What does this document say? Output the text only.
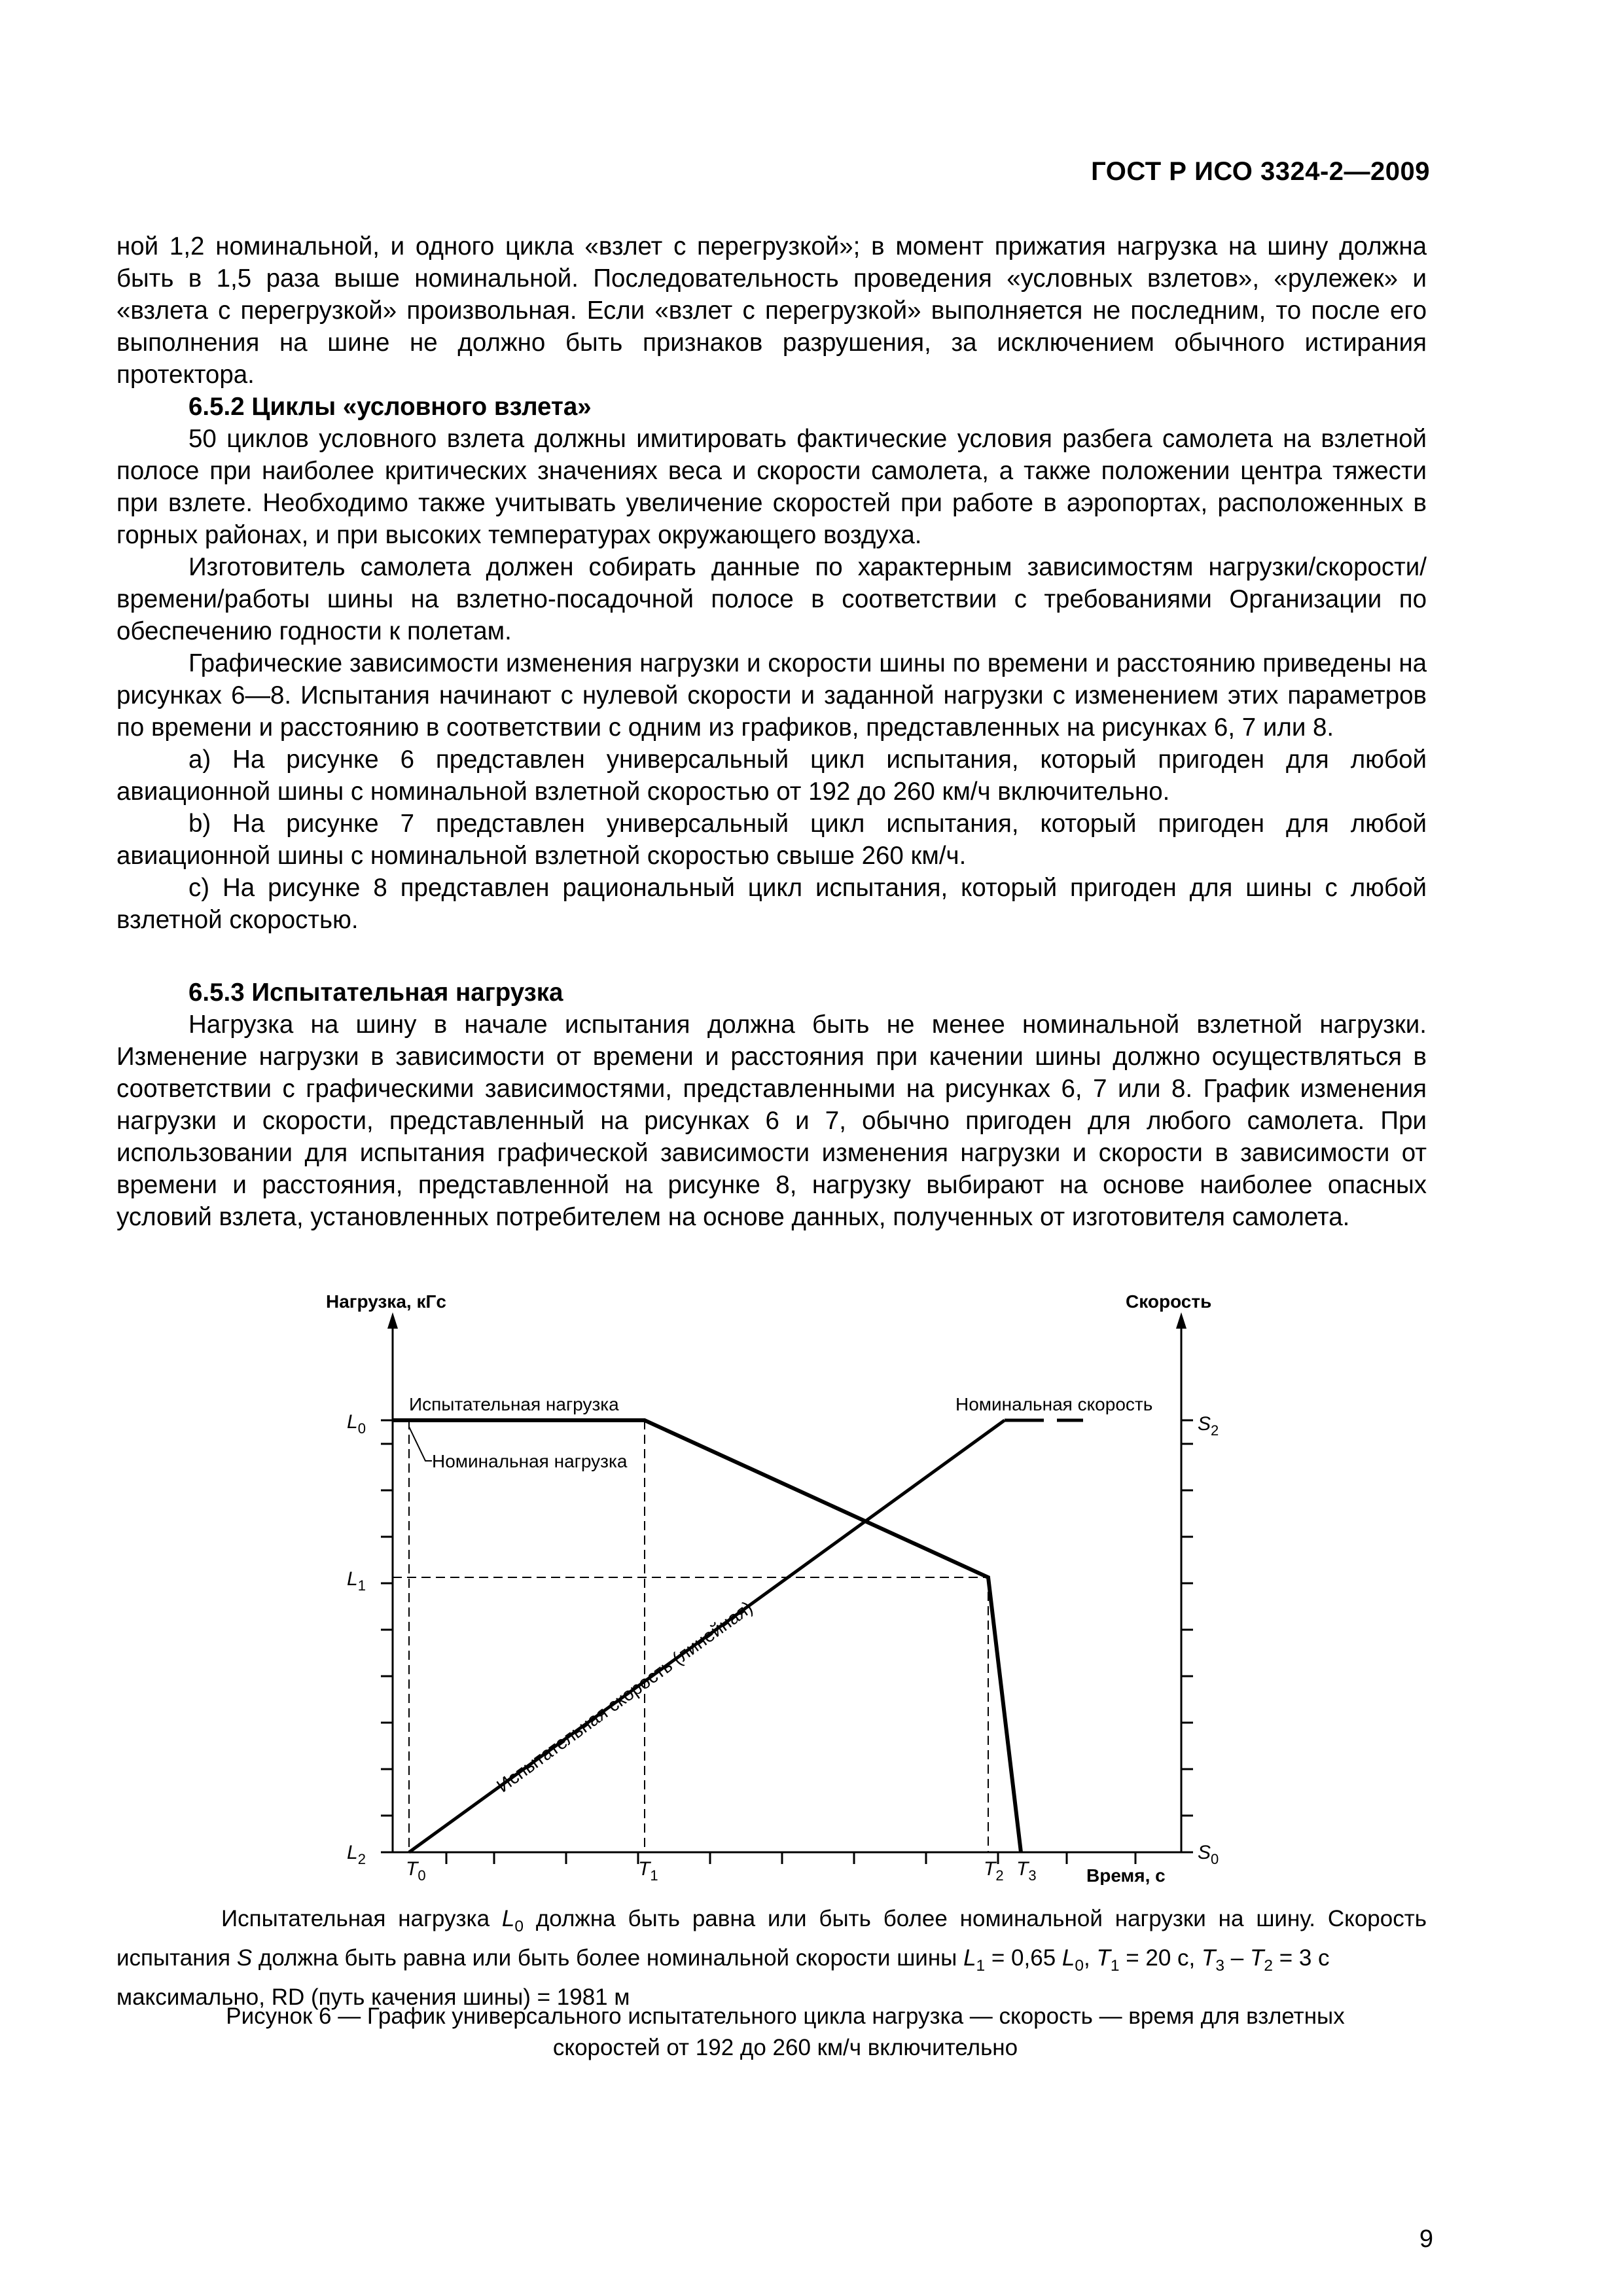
ГОСТ Р ИСО 3324-2—2009

ной 1,2 номинальной, и одного цикла «взлет с перегрузкой»; в момент прижатия нагрузка на шину должна быть в 1,5 раза выше номинальной. Последовательность проведения «условных взлетов», «рулежек» и «взлета с перегрузкой» произвольная. Если «взлет с перегрузкой» выполняется не последним, то после его выполнения на шине не должно быть признаков разрушения, за исключением обычного истирания протектора.

6.5.2 Циклы «условного взлета»

50 циклов условного взлета должны имитировать фактические условия разбега самолета на взлетной полосе при наиболее критических значениях веса и скорости самолета, а также положении центра тяжести при взлете. Необходимо также учитывать увеличение скоростей при работе в аэропортах, расположенных в горных районах, и при высоких температурах окружающего воздуха.

Изготовитель самолета должен собирать данные по характерным зависимостям нагрузки/скорости/времени/работы шины на взлетно-посадочной полосе в соответствии с требованиями Организации по обеспечению годности к полетам.

Графические зависимости изменения нагрузки и скорости шины по времени и расстоянию приведены на рисунках 6—8. Испытания начинают с нулевой скорости и заданной нагрузки с изменением этих параметров по времени и расстоянию в соответствии с одним из графиков, представленных на рисунках 6, 7 или 8.

a) На рисунке 6 представлен универсальный цикл испытания, который пригоден для любой авиационной шины с номинальной взлетной скоростью от 192 до 260 км/ч включительно.

b) На рисунке 7 представлен универсальный цикл испытания, который пригоден для любой авиационной шины с номинальной взлетной скоростью свыше 260 км/ч.

c) На рисунке 8 представлен рациональный цикл испытания, который пригоден для шины с любой взлетной скоростью.

6.5.3 Испытательная нагрузка

Нагрузка на шину в начале испытания должна быть не менее номинальной взлетной нагрузки. Изменение нагрузки в зависимости от времени и расстояния при качении шины должно осуществляться в соответствии с графическими зависимостями, представленными на рисунках 6, 7 или 8. График изменения нагрузки и скорости, представленный на рисунках 6 и 7, обычно пригоден для любого самолета. При использовании для испытания графической зависимости изменения нагрузки и скорости в зависимости от времени и расстояния, представленной на рисунке 8, нагрузку выбирают на основе наиболее опасных условий взлета, установленных потребителем на основе данных, полученных от изготовителя самолета.

Нагрузка, кГс	Скорость
Время, с
Испытательная нагрузка
Номинальная нагрузка
Номинальная скорость
Испытательная скорость (линейная)
$L_0$
$L_1$
$L_2$
$S_2$
$S_0$
$T_0$	$T_1$	$T_2$ $T_3$

Испытательная нагрузка $L_0$ должна быть равна или быть более номинальной нагрузки на шину. Скорость испытания S должна быть равна или быть более номинальной скорости шины $L_1 = 0,65$ $L_0$, $T_1 = 20$ с, $T_3 - T_2 = 3$ с

максимально, RD (путь качения шины) = 1981 м

Рисунок 6 — График универсального испытательного цикла нагрузка — скорость — время для взлетных
скоростей от 192 до 260 км/ч включительно
9
